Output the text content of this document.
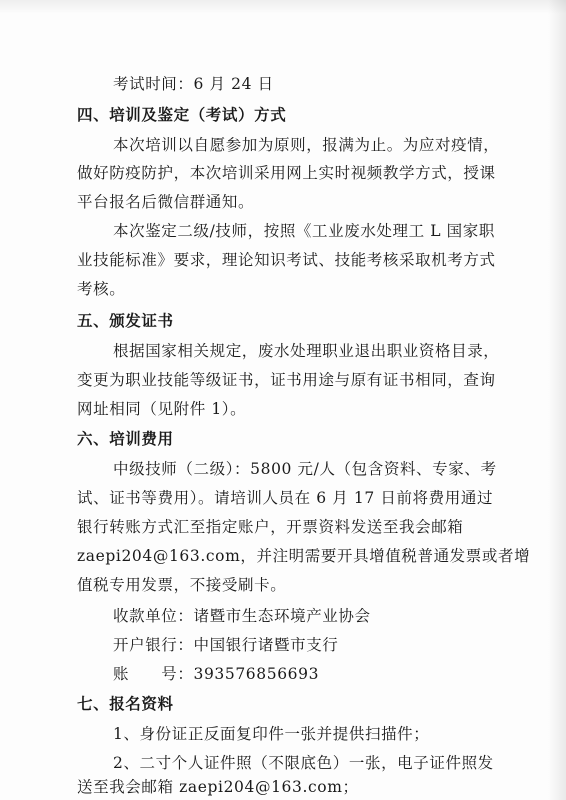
考试时间：6 月 24 日
四、培训及鉴定（考试）方式
本次培训以自愿参加为原则，报满为止。为应对疫情，
做好防疫防护，本次培训采用网上实时视频教学方式，授课
平台报名后微信群通知。
本次鉴定二级/技师，按照《工业废水处理工 L 国家职
业技能标准》要求，理论知识考试、技能考核采取机考方式
考核。
五、颁发证书
根据国家相关规定，废水处理职业退出职业资格目录，
变更为职业技能等级证书，证书用途与原有证书相同，查询
网址相同（见附件 1）。
六、培训费用
中级技师（二级）：5800 元/人（包含资料、专家、考
试、证书等费用）。请培训人员在 6 月 17 日前将费用通过
银行转账方式汇至指定账户，开票资料发送至我会邮箱
zaepi204@163.com，并注明需要开具增值税普通发票或者增
值税专用发票，不接受刷卡。
收款单位：诸暨市生态环境产业协会
开户银行：中国银行诸暨市支行
账　　号：393576856693
七、报名资料
1、身份证正反面复印件一张并提供扫描件；
2、二寸个人证件照（不限底色）一张，电子证件照发
送至我会邮箱 zaepi204@163.com；
